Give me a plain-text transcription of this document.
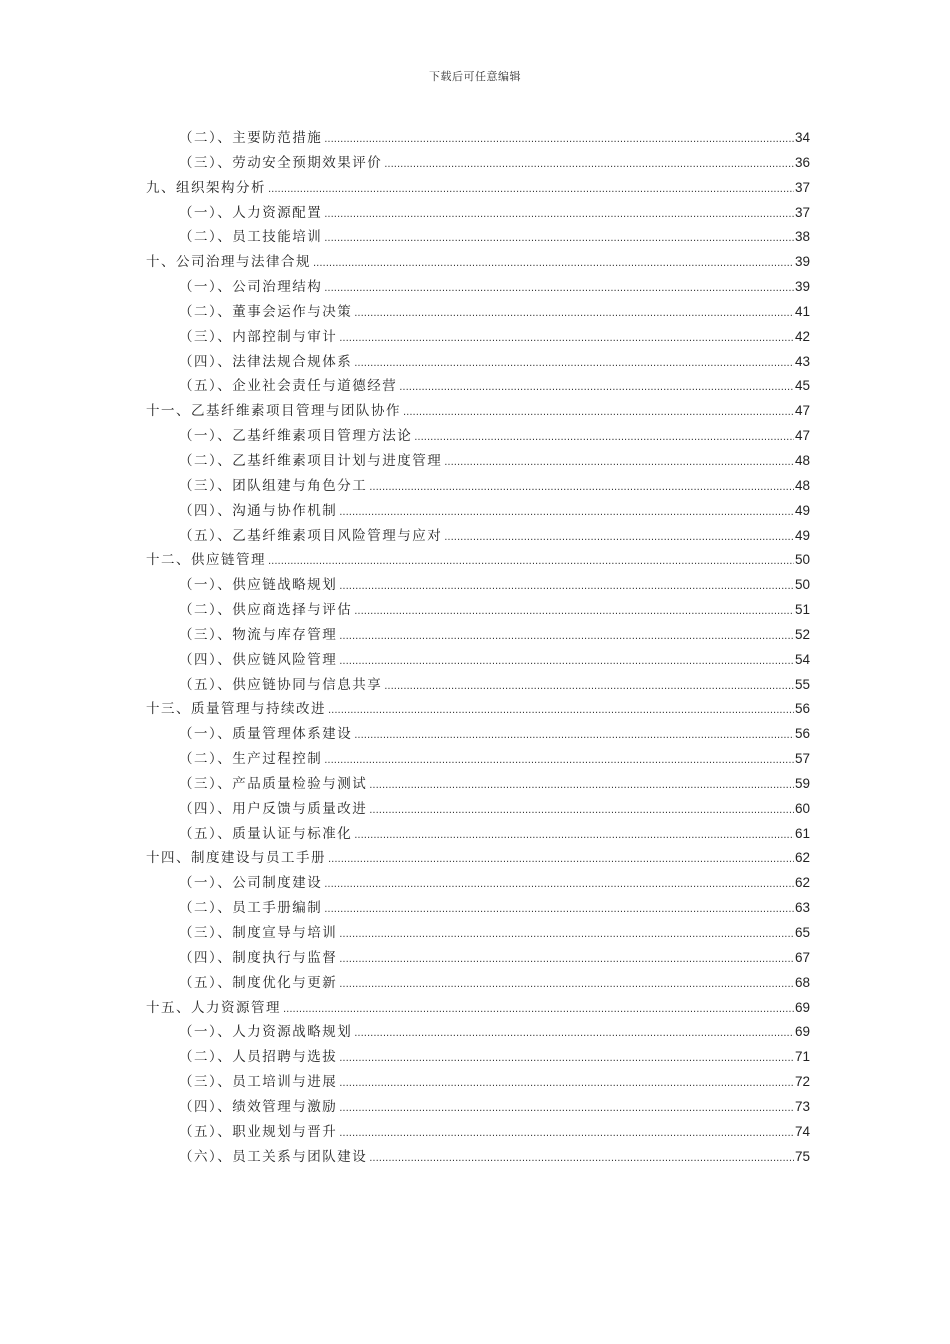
下载后可任意编辑
（二）、主要防范措施 .....	34
（三）、劳动安全预期效果评价 .....	36
九、组织架构分析 .....	37
（一）、人力资源配置 .....	37
（二）、员工技能培训 .....	38
十、公司治理与法律合规 .....	39
（一）、公司治理结构 .....	39
（二）、董事会运作与决策 .....	41
（三）、内部控制与审计 .....	42
（四）、法律法规合规体系 .....	43
（五）、企业社会责任与道德经营 .....	45
十一、乙基纤维素项目管理与团队协作 .....	47
（一）、乙基纤维素项目管理方法论 .....	47
（二）、乙基纤维素项目计划与进度管理 .....	48
（三）、团队组建与角色分工 .....	48
（四）、沟通与协作机制 .....	49
（五）、乙基纤维素项目风险管理与应对 .....	49
十二、供应链管理 .....	50
（一）、供应链战略规划 .....	50
（二）、供应商选择与评估 .....	51
（三）、物流与库存管理 .....	52
（四）、供应链风险管理 .....	54
（五）、供应链协同与信息共享 .....	55
十三、质量管理与持续改进 .....	56
（一）、质量管理体系建设 .....	56
（二）、生产过程控制 .....	57
（三）、产品质量检验与测试 .....	59
（四）、用户反馈与质量改进 .....	60
（五）、质量认证与标准化 .....	61
十四、制度建设与员工手册 .....	62
（一）、公司制度建设 .....	62
（二）、员工手册编制 .....	63
（三）、制度宣导与培训 .....	65
（四）、制度执行与监督 .....	67
（五）、制度优化与更新 .....	68
十五、人力资源管理 .....	69
（一）、人力资源战略规划 .....	69
（二）、人员招聘与选拔 .....	71
（三）、员工培训与进展 .....	72
（四）、绩效管理与激励 .....	73
（五）、职业规划与晋升 .....	74
（六）、员工关系与团队建设 .....	75
